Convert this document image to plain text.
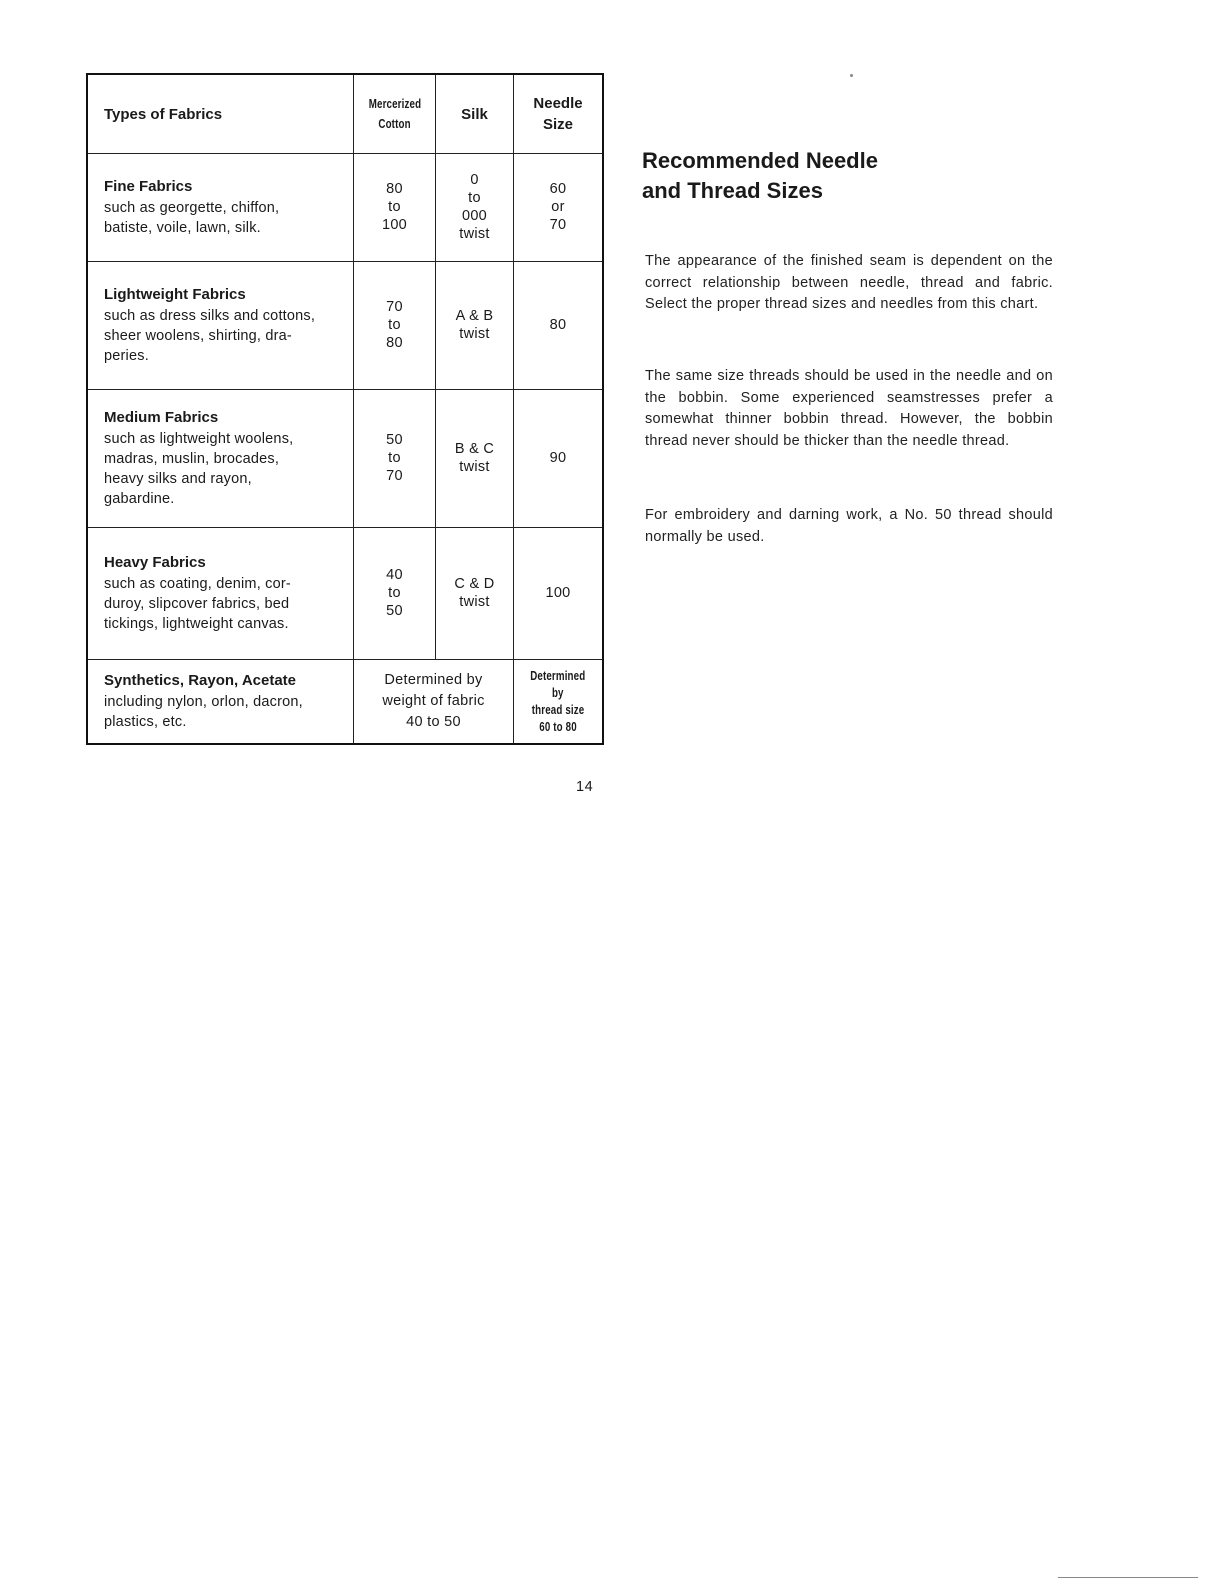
Types of Fabrics
Mercerized
Cotton
Silk
Needle
Size
Fine Fabrics
such as georgette, chiffon,
batiste, voile, lawn, silk.
80
to
100
0
to
000
twist
60
or
70
Lightweight Fabrics
such as dress silks and cottons,
sheer woolens, shirting, dra-
peries.
70
to
80
A & B
twist
80
Medium Fabrics
such as lightweight woolens,
madras, muslin, brocades,
heavy silks and rayon,
gabardine.
50
to
70
B & C
twist
90
Heavy Fabrics
such as coating, denim, cor-
duroy, slipcover fabrics, bed
tickings, lightweight canvas.
40
to
50
C & D
twist
100
Synthetics, Rayon, Acetate
including nylon, orlon, dacron,
plastics, etc.
Determined by
weight of fabric
40 to 50
Determined
by
thread size
60 to 80
Recommended Needle
and Thread Sizes
The appearance of the finished seam is dependent on the correct relationship between needle, thread and fabric. Select the proper thread sizes and needles from this chart.
The same size threads should be used in the needle and on the bobbin. Some experienced seamstresses prefer a somewhat thinner bobbin thread. However, the bobbin thread never should be thicker than the needle thread.
For embroidery and darning work, a No. 50 thread should normally be used.
14
